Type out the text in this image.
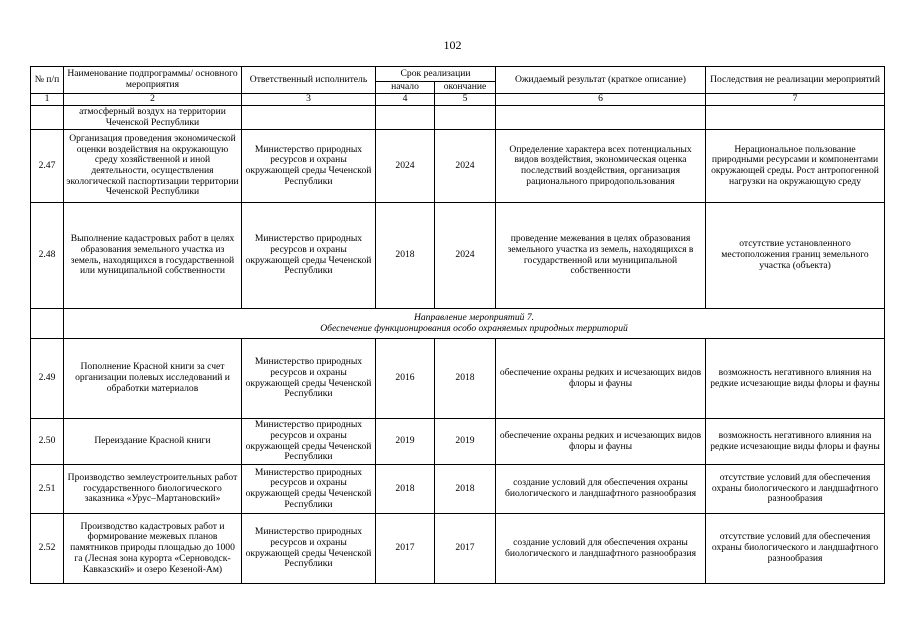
102
№ п/п	Наименование подпрограммы/ основного мероприятия	Ответственный исполнитель	Срок реализации		Ожидаемый результат (краткое описание)	Последствия не реализации мероприятий
			начало	окончание		
1	2	3	4	5	6	7
	атмосферный воздух на территории Чеченской Республики					
2.47	Организация проведения экономической оценки воздействия на окружающую среду хозяйственной и иной деятельности, осуществления экологической паспортизации территории Чеченской Республики	Министерство природных ресурсов и охраны окружающей среды Чеченской Республики	2024	2024	Определение характера всех потенциальных видов воздействия, экономическая оценка последствий воздействия, организация рационального природопользования	Нерациональное пользование природными ресурсами и компонентами окружающей среды. Рост антропогенной нагрузки на окружающую среду
2.48	Выполнение кадастровых работ в целях образования земельного участка из земель, находящихся в государственной или муниципальной собственности	Министерство природных ресурсов и охраны окружающей среды Чеченской Республики	2018	2024	проведение межевания в целях образования земельного участка из земель, находящихся в государственной или муниципальной собственности	отсутствие установленного местоположения границ земельного участка (объекта)

	Направление мероприятий 7.
Обеспечение функционирования особо охраняемых природных территорий					

2.49	Пополнение Красной книги за счет организации полевых исследований и обработки материалов	Министерство природных ресурсов и охраны окружающей среды Чеченской Республики	2016	2018	обеспечение охраны редких и исчезающих видов флоры и фауны	возможность негативного влияния на редкие исчезающие виды флоры и фауны
2.50	Переиздание Красной книги	Министерство природных ресурсов и охраны окружающей среды Чеченской Республики	2019	2019	обеспечение охраны редких и исчезающих видов флоры и фауны	возможность негативного влияния на редкие исчезающие виды флоры и фауны
2.51	Производство землеустроительных работ государственного биологического заказника «Урус–Мартановский»	Министерство природных ресурсов и охраны окружающей среды Чеченской Республики	2018	2018	создание условий для обеспечения охраны биологического и ландшафтного разнообразия	отсутствие условий для обеспечения охраны биологического и ландшафтного разнообразия
2.52	Производство кадастровых работ и формирование межевых планов памятников природы площадью до 1000 га (Лесная зона курорта «Серноводск-Кавказский» и озеро Кезеной-Ам)	Министерство природных ресурсов и охраны окружающей среды Чеченской Республики	2017	2017	создание условий для обеспечения охраны биологического и ландшафтного разнообразия	отсутствие условий для обеспечения охраны биологического и ландшафтного разнообразия
